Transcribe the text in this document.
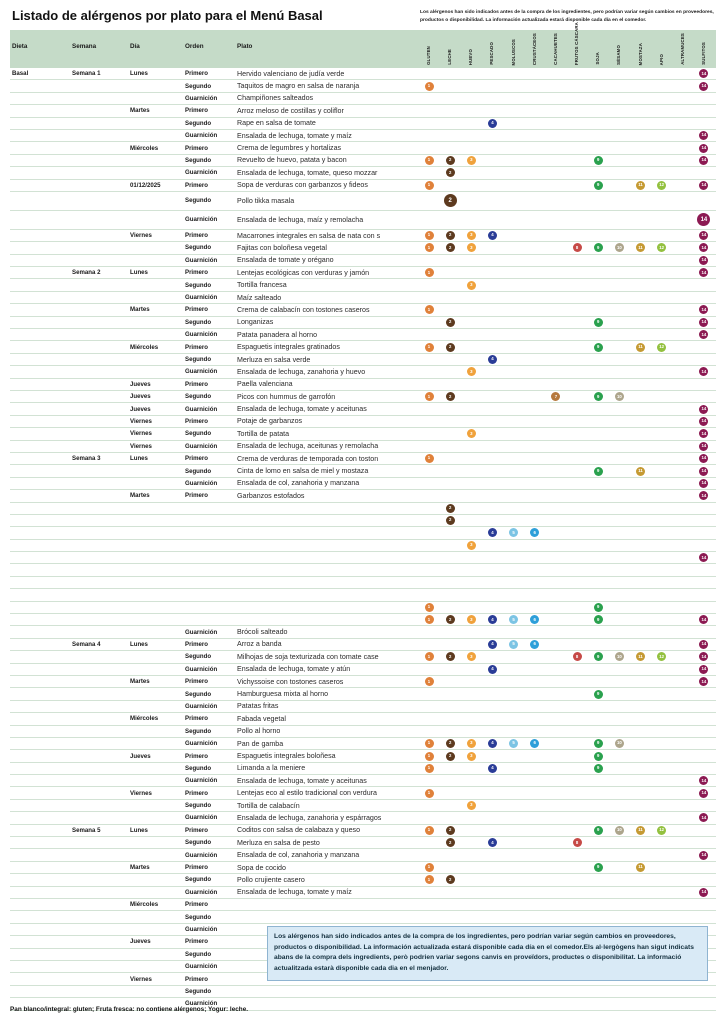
Listado de alérgenos por plato para el Menú Basal	Los alérgenos han sido indicados antes de la compra de los ingredientes, pero podrían variar según cambios en proveedores, productos o disponibilidad. La información actualizada estará disponible cada día en el comedor.
Dieta	Semana	Día	Orden	Plato	GLUTEN	LECHE	HUEVO	PESCADO	MOLUSCOS	CRUSTÁCEOS	CACAHUETES	FRUTOS CÁSCARA	SOJA	SÉSAMO	MOSTAZA	APIO	ALTRAMUCES	SULFITOS
Basal	Semana 1	Lunes	Primero	Hervido valenciano de judía verde	14
Segundo	Taquitos de magro en salsa de naranja	1	14
Guarnición	Champiñones salteados
Martes	Primero	Arroz meloso de costillas y coliflor
Segundo	Rape en salsa de tomate	4
Guarnición	Ensalada de lechuga, tomate y maíz	14
Miércoles	Primero	Crema de legumbres y hortalizas	14
Segundo	Revuelto de huevo, patata y bacon	1	2	3	9	14
Guarnición	Ensalada de lechuga, tomate, queso mozzar	2
01/12/2025	Primero	Sopa de verduras con garbanzos y fideos	1	9	11	12	14
Segundo	Pollo tikka masala	2
Guarnición	Ensalada de lechuga, maíz y remolacha	14
Viernes	Primero	Macarrones integrales en salsa de nata con s	1	2	3	4	14
Segundo	Fajitas con boloñesa vegetal	1	2	3	8	9	10	11	12	14
Guarnición	Ensalada de tomate y orégano	14
Semana 2	Lunes	Primero	Lentejas ecológicas con verduras y jamón	1	14
Segundo	Tortilla francesa	3
Guarnición	Maíz salteado
Martes	Primero	Crema de calabacín con tostones caseros	1	14
Segundo	Longanizas	2	9	14
Guarnición	Patata panadera al horno	14
Miércoles	Primero	Espaguetis integrales gratinados	1	2	9	11	12
Segundo	Merluza en salsa verde	4
Guarnición	Ensalada de lechuga, zanahoria y huevo	3	14
Jueves	Primero	Paella valenciana
Jueves	Segundo	Picos con hummus de garrofón	1	2	7	9	10
Jueves	Guarnición	Ensalada de lechuga, tomate y aceitunas	14
Viernes	Primero	Potaje de garbanzos	14
Viernes	Segundo	Tortilla de patata	3	14
Viernes	Guarnición	Ensalada de lechuga, aceitunas y remolacha	14
Semana 3	Lunes	Primero	Crema de verduras de temporada con toston	1	14
Segundo	Cinta de lomo en salsa de miel y mostaza	9	11	14
Guarnición	Ensalada de col, zanahoria y manzana	14
Martes	Primero	Garbanzos estofados	14
2
2
4	5	6
3
14
1	9
1	2	3	4	5	6	9	14
Guarnición	Brócoli salteado
Semana 4	Lunes	Primero	Arroz a banda	4	5	6	14
Segundo	Milhojas de soja texturizada con tomate case	1	2	3	8	9	10	11	12	14
Guarnición	Ensalada de lechuga, tomate y atún	4	14
Martes	Primero	Vichyssoise con tostones caseros	1	14
Segundo	Hamburguesa mixta al horno	9
Guarnición	Patatas fritas
Miércoles	Primero	Fabada vegetal
Segundo	Pollo al horno
Guarnición	Pan de gamba	1	2	3	4	5	6	9	10
Jueves	Primero	Espaguetis integrales boloñesa	1	2	3	9
Segundo	Limanda a la meniere	1	4	9
Guarnición	Ensalada de lechuga, tomate y aceitunas	14
Viernes	Primero	Lentejas eco al estilo tradicional con verdura	1	14
Segundo	Tortilla de calabacín	3
Guarnición	Ensalada de lechuga, zanahoria y espárragos	14
Semana 5	Lunes	Primero	Coditos con salsa de calabaza y queso	1	2	9	10	11	12
Segundo	Merluza en salsa de pesto	2	4	8
Guarnición	Ensalada de col, zanahoria y manzana	14
Martes	Primero	Sopa de cocido	1	9	11
Segundo	Pollo crujiente casero	1	2
Guarnición	Ensalada de lechuga, tomate y maíz	14
Miércoles	Primero
Segundo
Guarnición
Jueves	Primero
Segundo
Guarnición
Viernes	Primero
Segundo
Guarnición
Los alérgenos han sido indicados antes de la compra de los ingredientes, pero podrían variar según cambios en proveedores, productos o disponibilidad. La información actualizada estará disponible cada día en el comedor.Els al·lergògens han sigut indicats abans de la compra dels ingredients, però podrien variar segons canvis en proveïdors, productes o disponibilitat. La informació actualitzada estarà disponible cada dia en el menjador.
Pan blanco/integral: gluten; Fruta fresca: no contiene alérgenos; Yogur: leche.
